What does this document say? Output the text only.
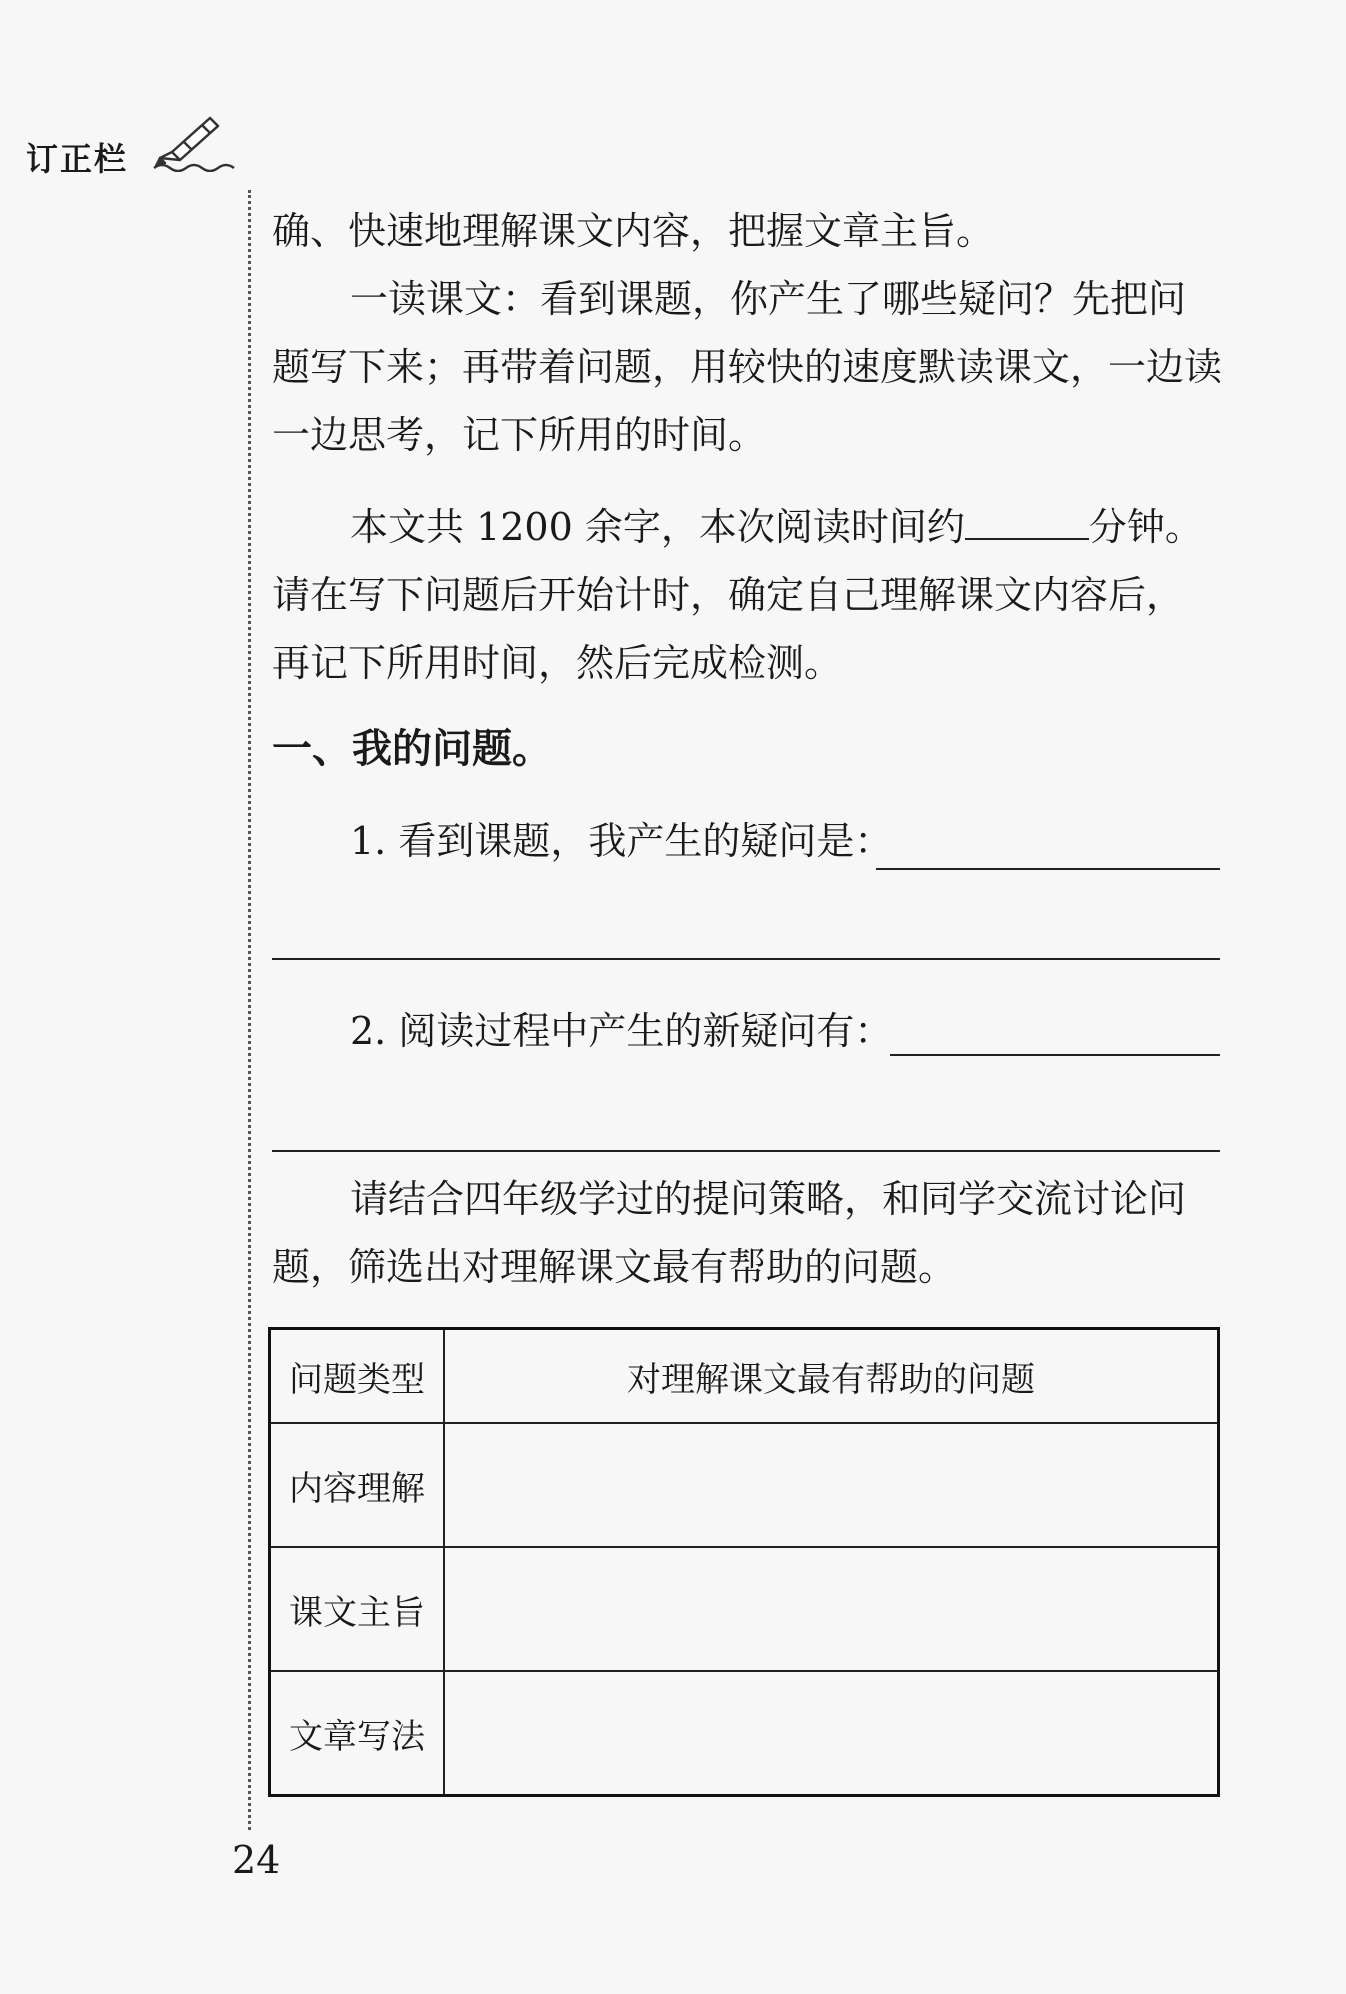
订正栏
确、快速地理解课文内容，把握文章主旨。
一读课文：看到课题，你产生了哪些疑问？先把问
题写下来；再带着问题，用较快的速度默读课文，一边读
一边思考，记下所用的时间。
本文共 1200 余字，本次阅读时间约	分钟。
请在写下问题后开始计时，确定自己理解课文内容后，
再记下所用时间，然后完成检测。
一、我的问题。
1. 看到课题，我产生的疑问是：
2. 阅读过程中产生的新疑问有：
请结合四年级学过的提问策略，和同学交流讨论问
题，筛选出对理解课文最有帮助的问题。
问题类型	对理解课文最有帮助的问题
内容理解	
课文主旨	
文章写法	
24
